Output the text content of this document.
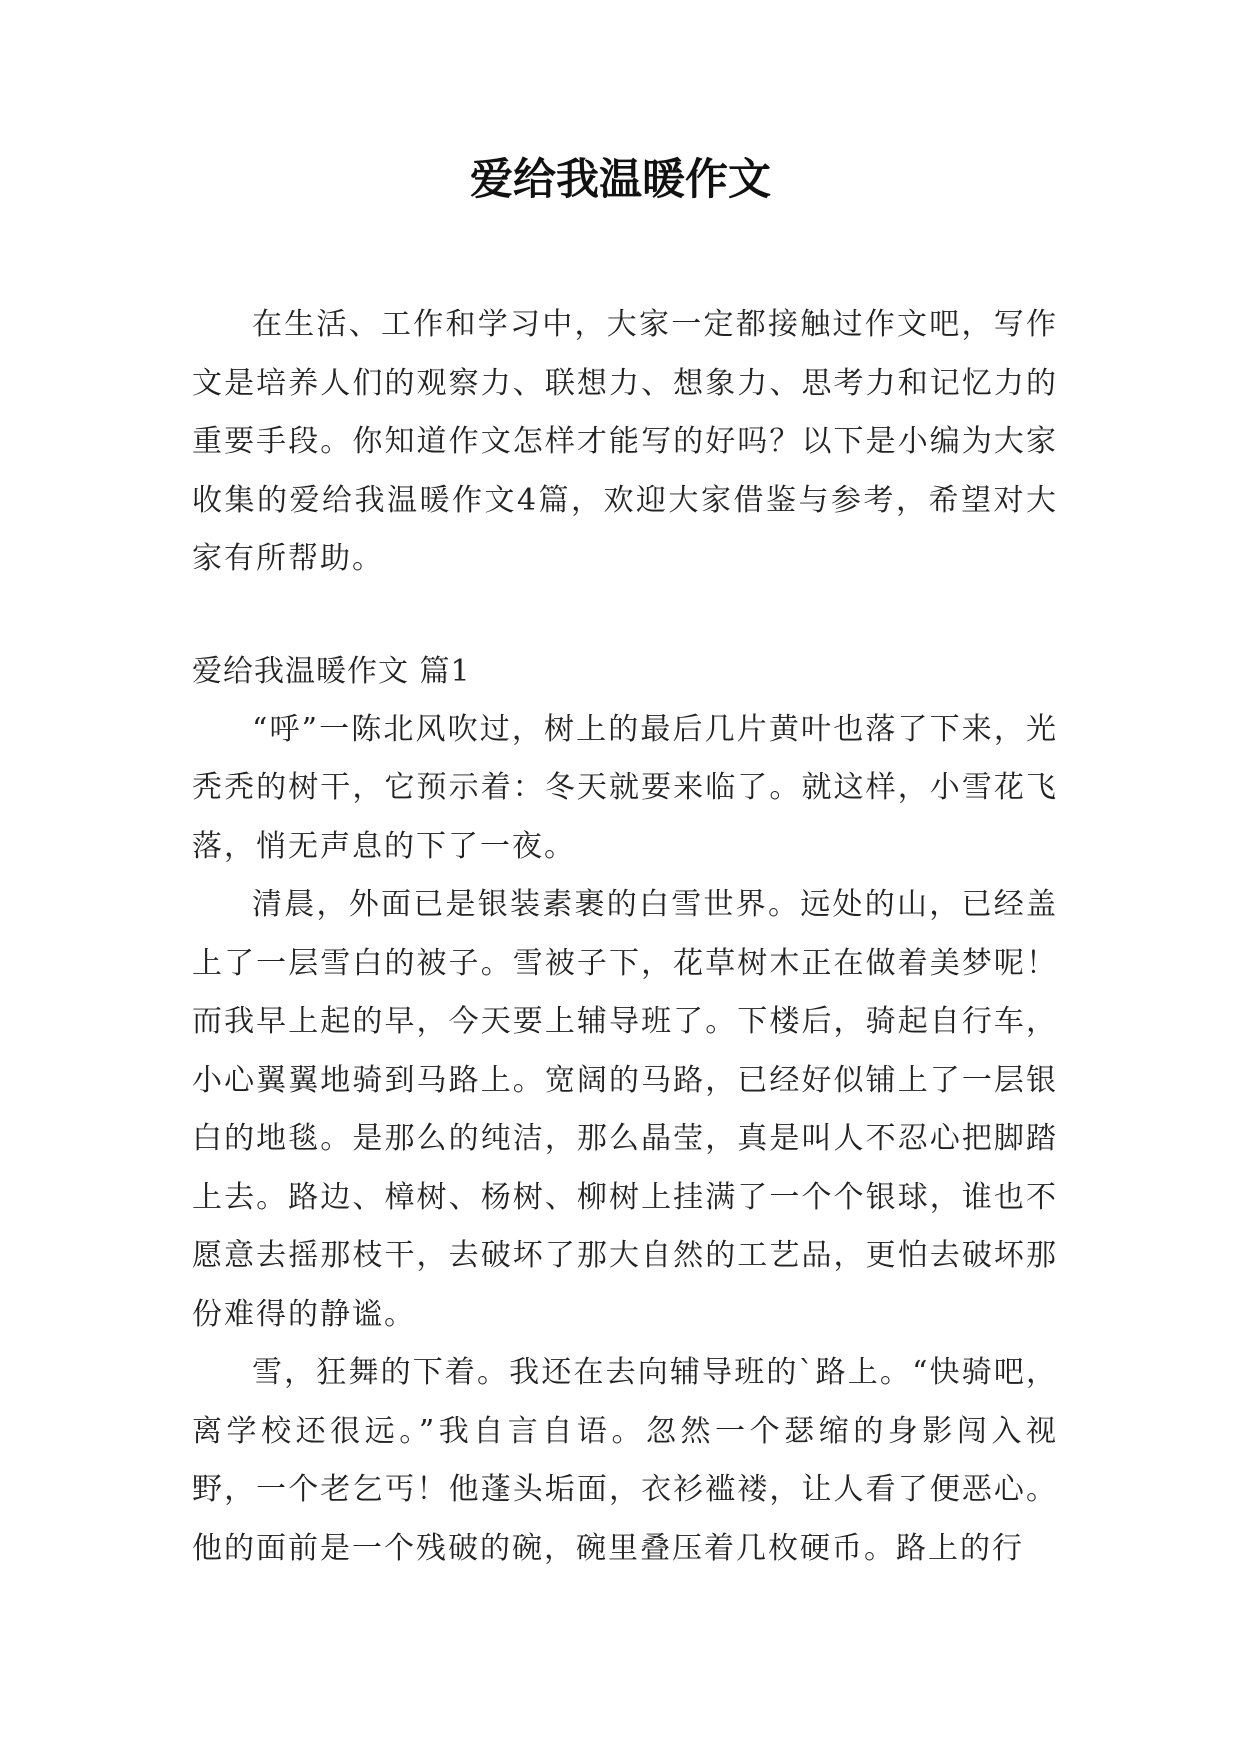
爱给我温暖作文

在生活、工作和学习中，大家一定都接触过作文吧，写作文是培养人们的观察力、联想力、想象力、思考力和记忆力的重要手段。你知道作文怎样才能写的好吗？以下是小编为大家收集的爱给我温暖作文4篇，欢迎大家借鉴与参考，希望对大家有所帮助。

爱给我温暖作文 篇1

“呼”一陈北风吹过，树上的最后几片黄叶也落了下来，光秃秃的树干，它预示着：冬天就要来临了。就这样，小雪花飞落，悄无声息的下了一夜。

清晨，外面已是银装素裹的白雪世界。远处的山，已经盖上了一层雪白的被子。雪被子下，花草树木正在做着美梦呢！而我早上起的早，今天要上辅导班了。下楼后，骑起自行车，小心翼翼地骑到马路上。宽阔的马路，已经好似铺上了一层银白的地毯。是那么的纯洁，那么晶莹，真是叫人不忍心把脚踏上去。路边、樟树、杨树、柳树上挂满了一个个银球，谁也不愿意去摇那枝干，去破坏了那大自然的工艺品，更怕去破坏那份难得的静谧。

雪，狂舞的下着。我还在去向辅导班的`路上。“快骑吧，离学校还很远。”我自言自语。忽然一个瑟缩的身影闯入视野，一个老乞丐！他蓬头垢面，衣衫褴褛，让人看了便恶心。他的面前是一个残破的碗，碗里叠压着几枚硬币。路上的行
